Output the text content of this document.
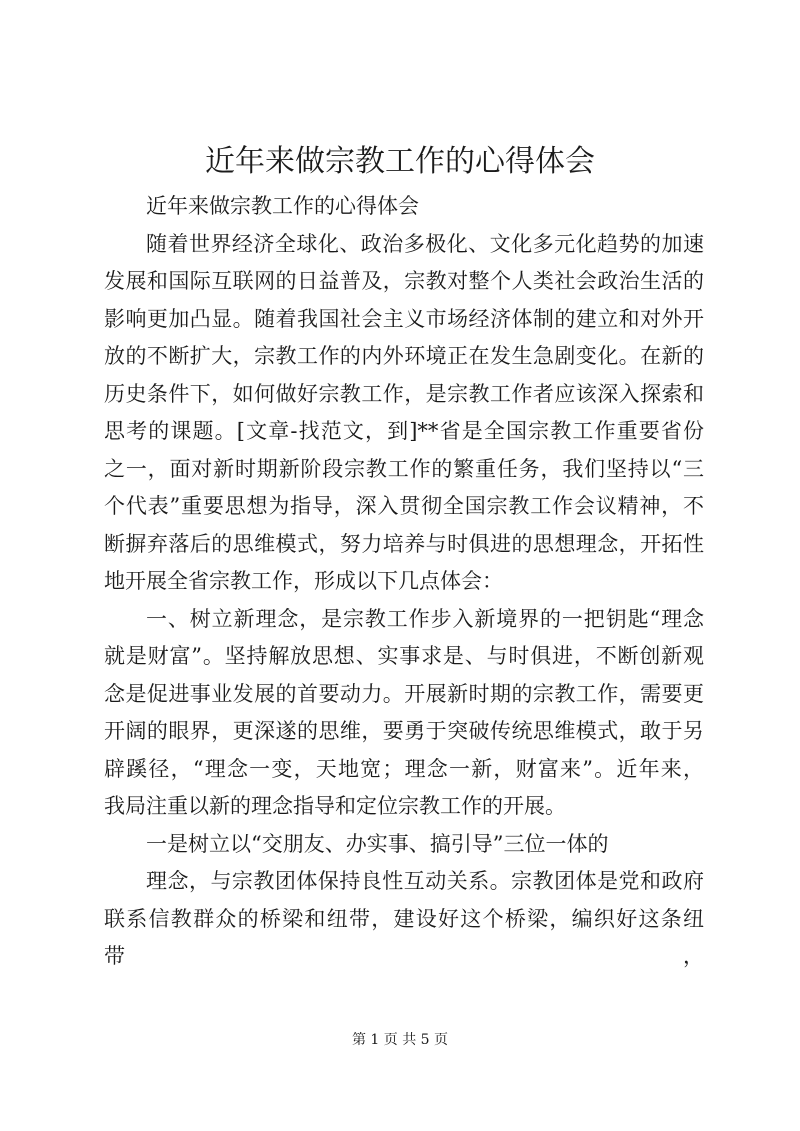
近年来做宗教工作的心得体会
近年来做宗教工作的心得体会
随着世界经济全球化、政治多极化、文化多元化趋势的加速
发展和国际互联网的日益普及，宗教对整个人类社会政治生活的
影响更加凸显。随着我国社会主义市场经济体制的建立和对外开
放的不断扩大，宗教工作的内外环境正在发生急剧变化。在新的
历史条件下，如何做好宗教工作，是宗教工作者应该深入探索和
思考的课题。[文章-找范文，到]**省是全国宗教工作重要省份
之一，面对新时期新阶段宗教工作的繁重任务，我们坚持以“三
个代表”重要思想为指导，深入贯彻全国宗教工作会议精神，不
断摒弃落后的思维模式，努力培养与时俱进的思想理念，开拓性
地开展全省宗教工作，形成以下几点体会：
一、树立新理念，是宗教工作步入新境界的一把钥匙“理念
就是财富”。坚持解放思想、实事求是、与时俱进，不断创新观
念是促进事业发展的首要动力。开展新时期的宗教工作，需要更
开阔的眼界，更深遂的思维，要勇于突破传统思维模式，敢于另
辟蹊径，“理念一变，天地宽；理念一新，财富来”。近年来，
我局注重以新的理念指导和定位宗教工作的开展。
一是树立以“交朋友、办实事、搞引导”三位一体的
理念，与宗教团体保持良性互动关系。宗教团体是党和政府
联系信教群众的桥梁和纽带，建设好这个桥梁，编织好这条纽带，
第 1 页 共 5 页
